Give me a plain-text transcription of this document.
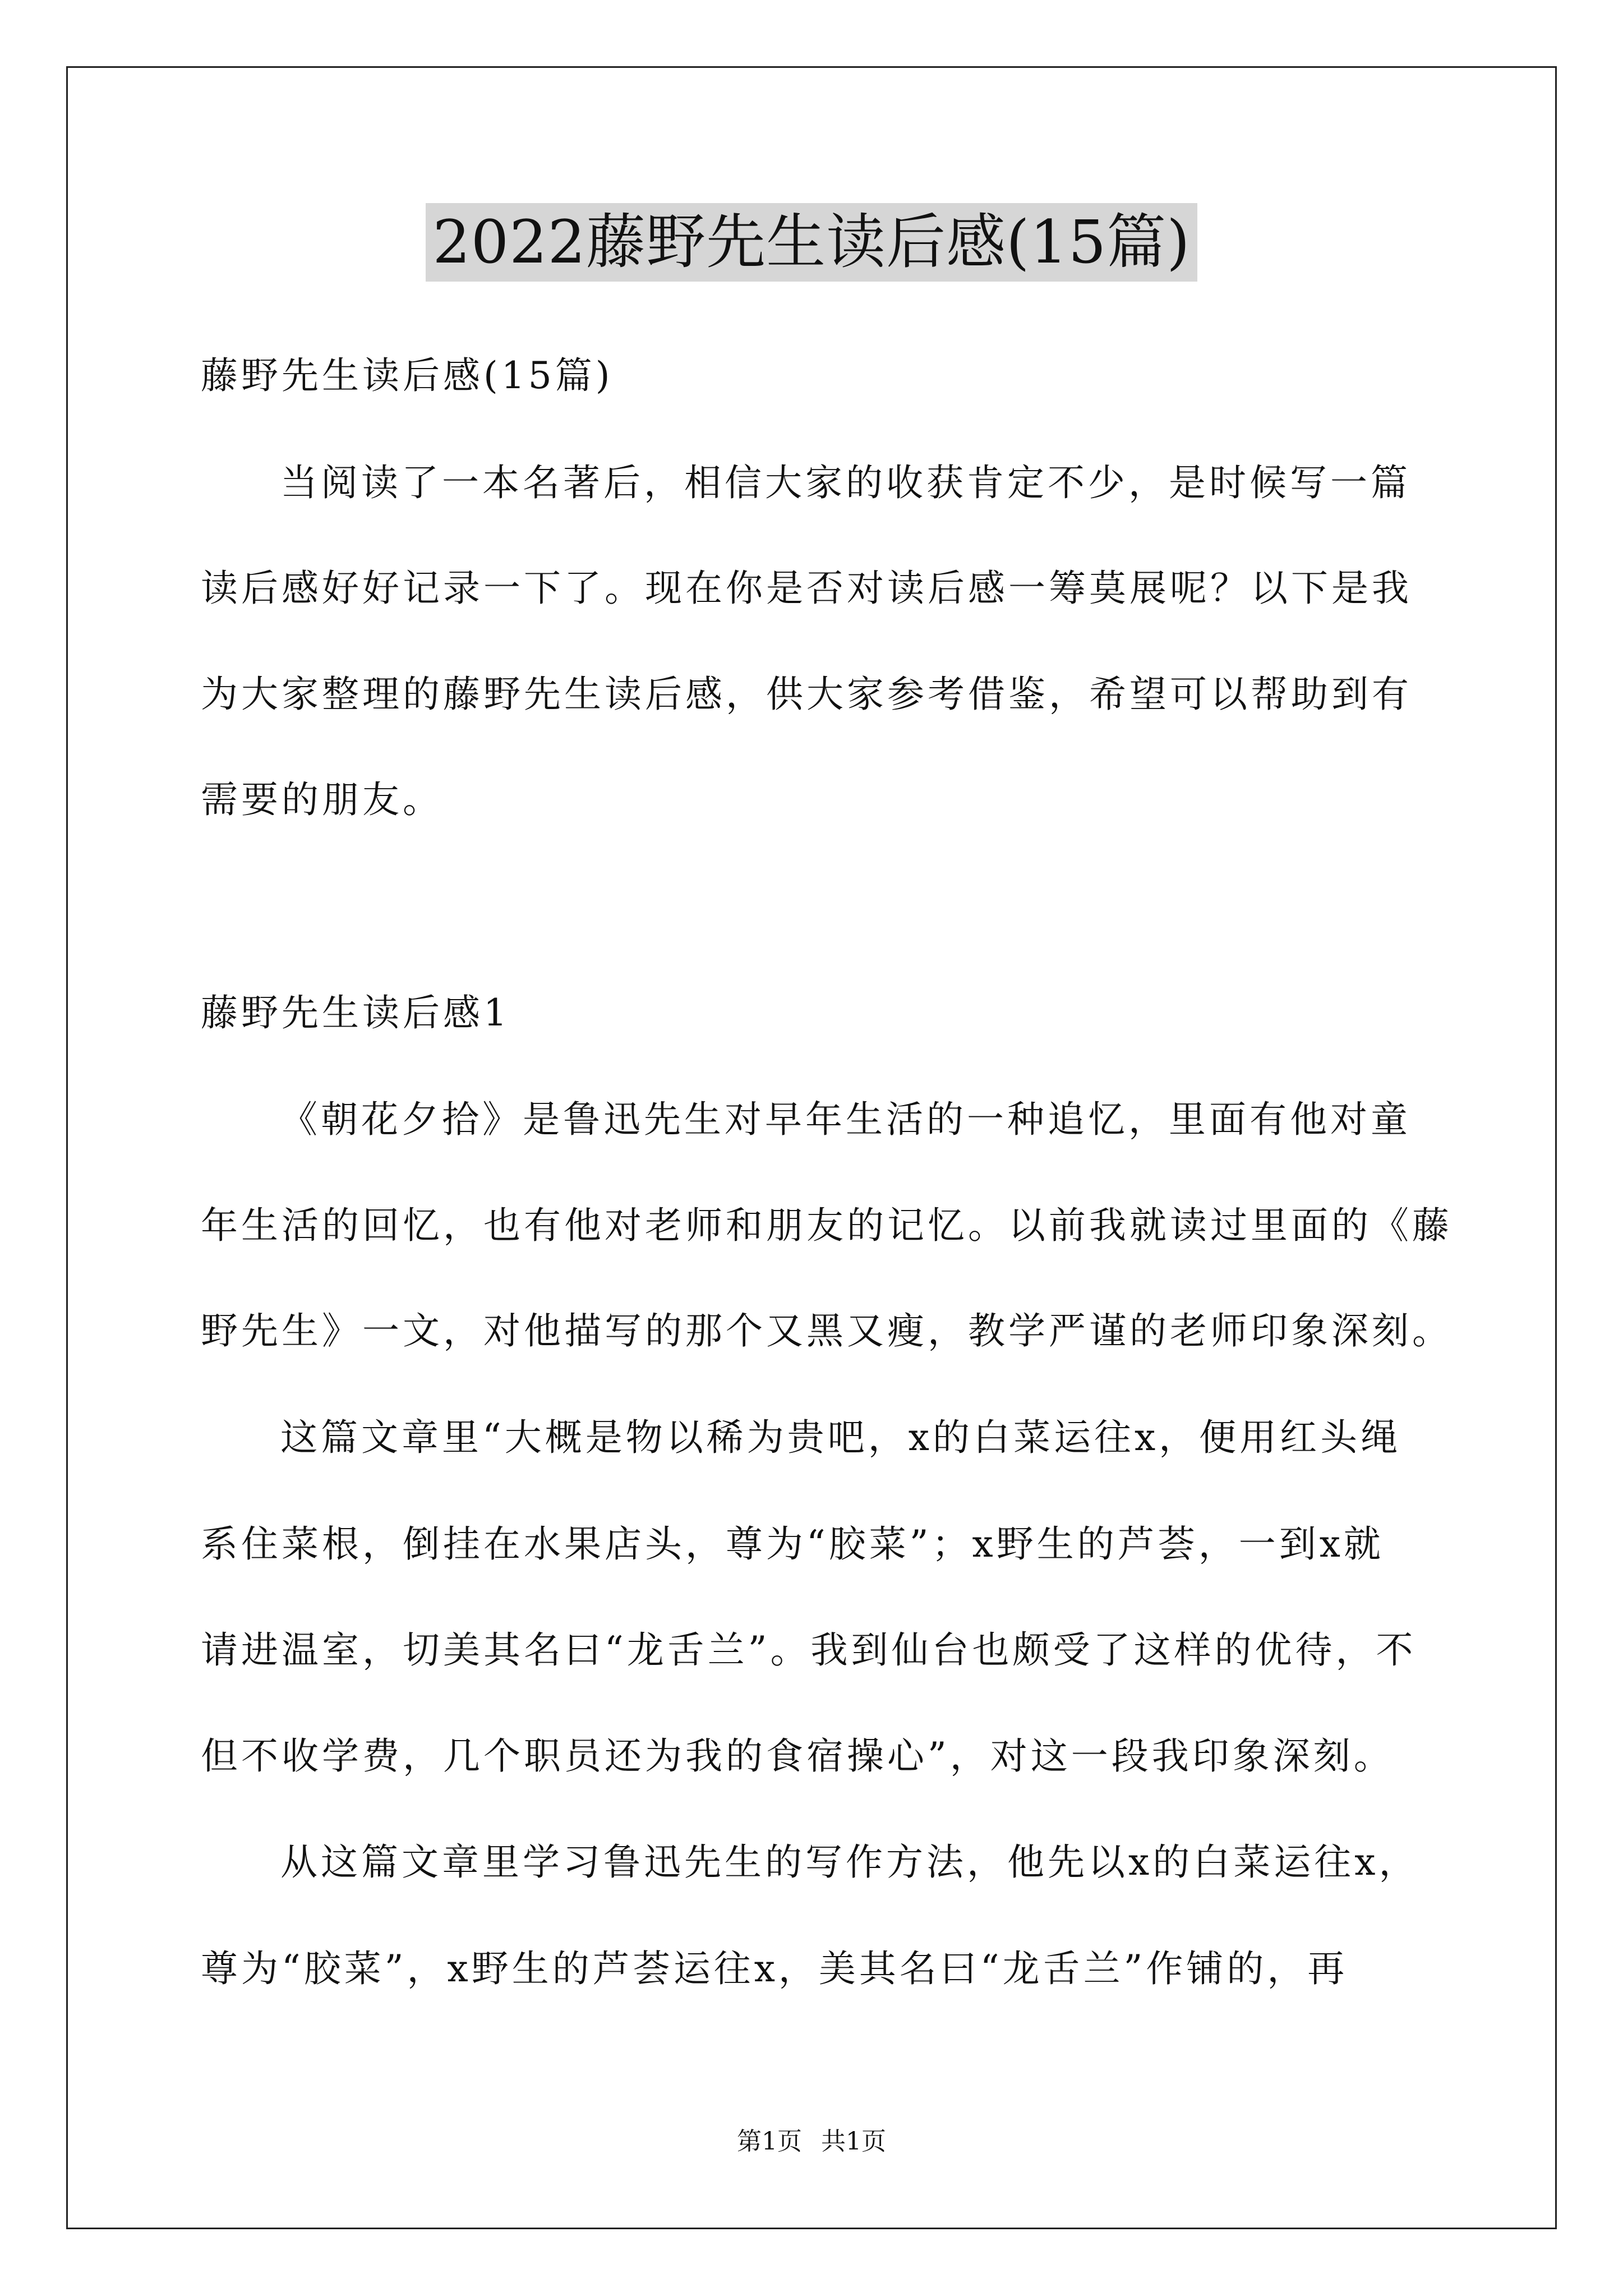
2022藤野先生读后感(15篇)
藤野先生读后感(15篇)
当阅读了一本名著后，相信大家的收获肯定不少，是时候写一篇
读后感好好记录一下了。现在你是否对读后感一筹莫展呢？以下是我
为大家整理的藤野先生读后感，供大家参考借鉴，希望可以帮助到有
需要的朋友。
藤野先生读后感1
《朝花夕拾》是鲁迅先生对早年生活的一种追忆，里面有他对童
年生活的回忆，也有他对老师和朋友的记忆。以前我就读过里面的《藤
野先生》一文，对他描写的那个又黑又瘦，教学严谨的老师印象深刻。
这篇文章里“大概是物以稀为贵吧，x的白菜运往x，便用红头绳
系住菜根，倒挂在水果店头，尊为“胶菜”；x野生的芦荟，一到x就
请进温室，切美其名曰“龙舌兰”。我到仙台也颇受了这样的优待，不
但不收学费，几个职员还为我的食宿操心”，对这一段我印象深刻。
从这篇文章里学习鲁迅先生的写作方法，他先以x的白菜运往x，
尊为“胶菜”，x野生的芦荟运往x，美其名曰“龙舌兰”作铺的，再
第1页 共1页
